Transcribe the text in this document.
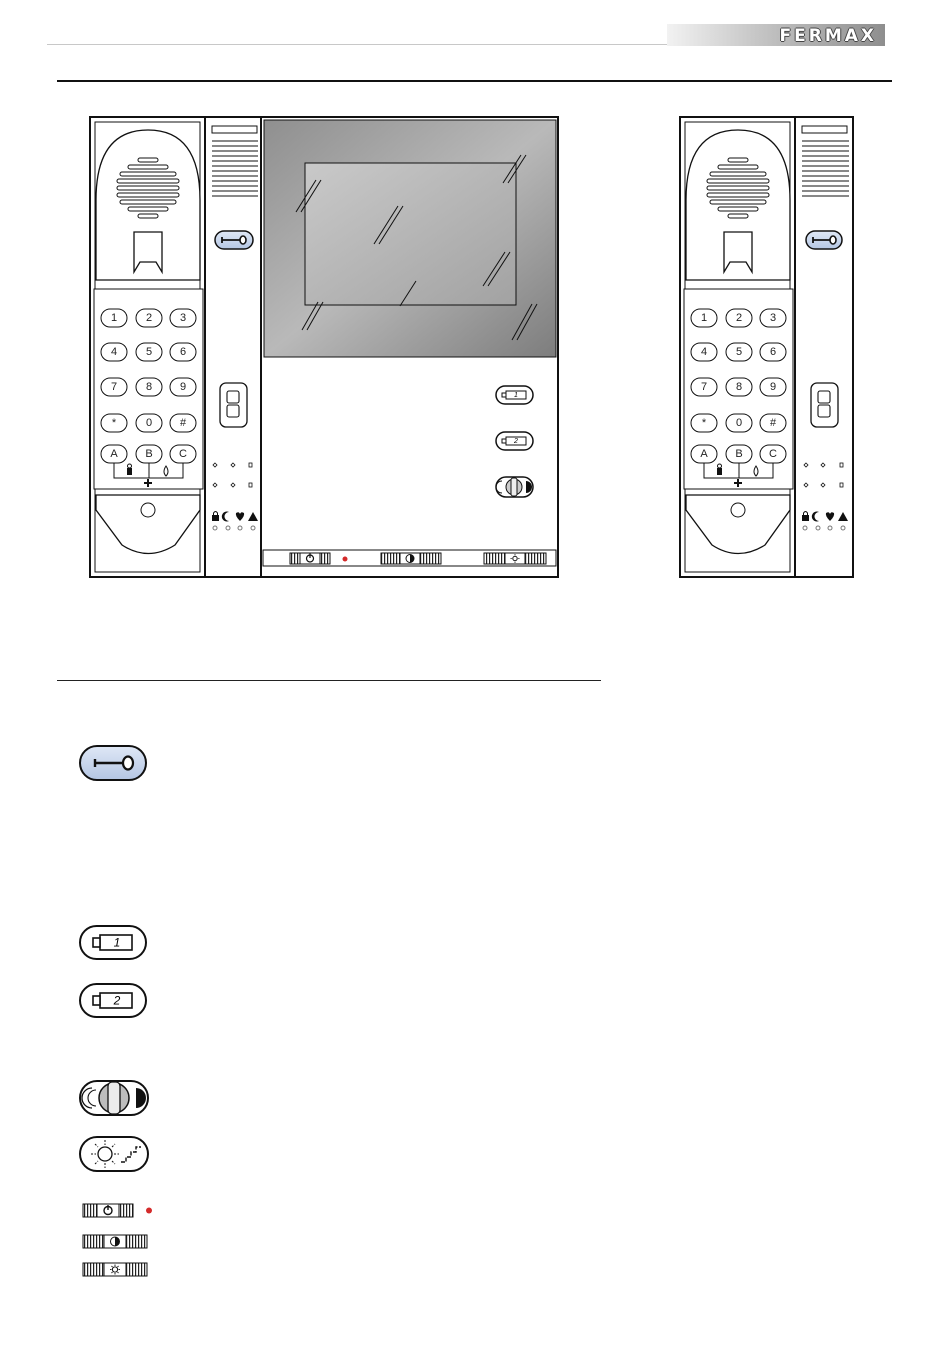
FERMAX
1	2	3
4	5	6
7	8	9
*	0	#
A	B C
1
2
1	2	3
4	5	6
7	8	9
*	0	#
A	B C
1
2
